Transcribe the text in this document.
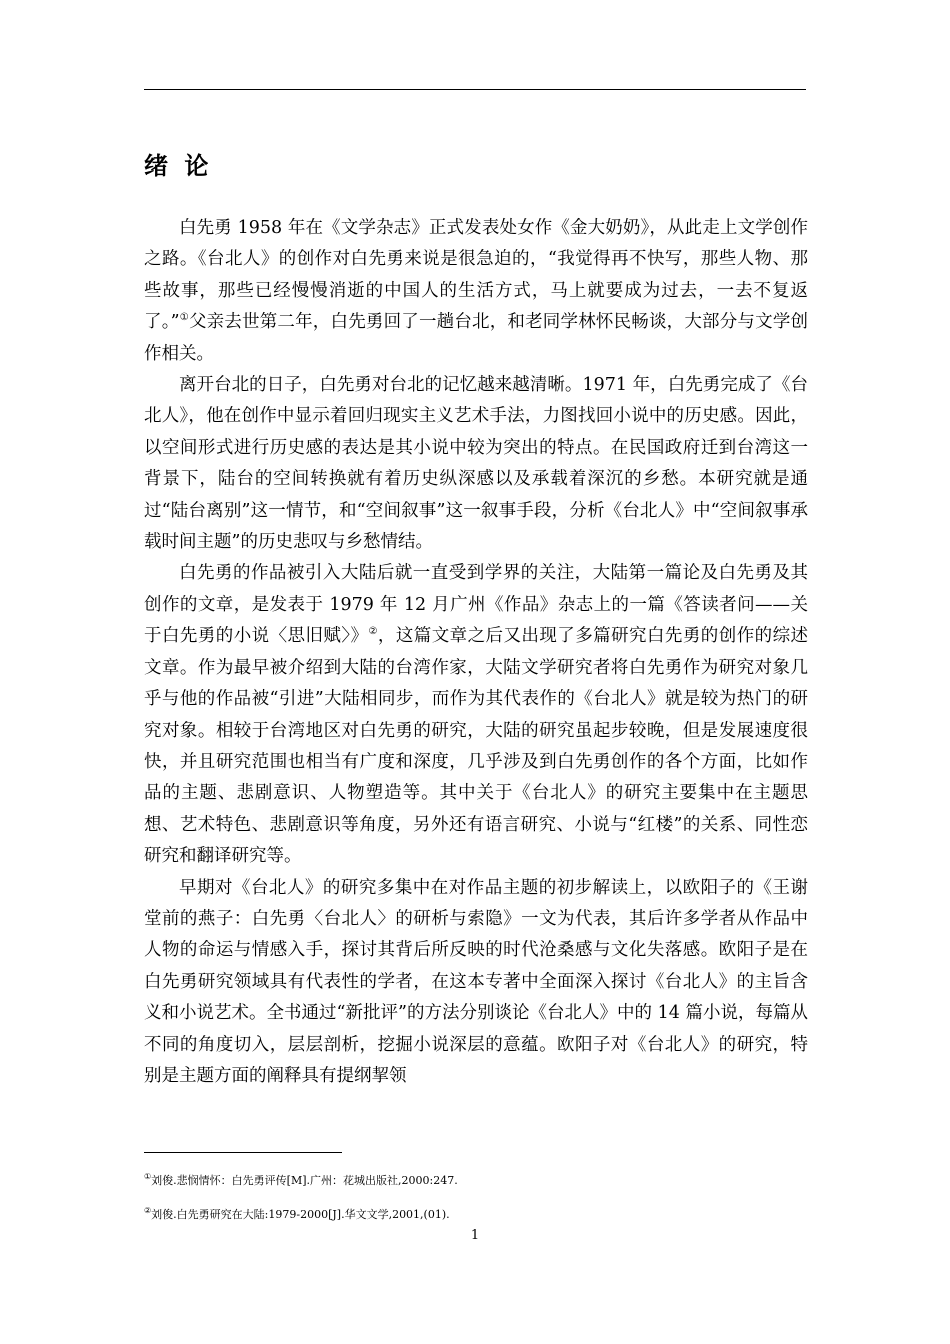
绪 论

白先勇 1958 年在《文学杂志》正式发表处女作《金大奶奶》，从此走上文学创作之路。《台北人》的创作对白先勇来说是很急迫的，“我觉得再不快写，那些人物、那些故事，那些已经慢慢消逝的中国人的生活方式，马上就要成为过去，一去不复返了。”①父亲去世第二年，白先勇回了一趟台北，和老同学林怀民畅谈，大部分与文学创作相关。

离开台北的日子，白先勇对台北的记忆越来越清晰。1971 年，白先勇完成了《台北人》，他在创作中显示着回归现实主义艺术手法，力图找回小说中的历史感。因此，以空间形式进行历史感的表达是其小说中较为突出的特点。在民国政府迁到台湾这一背景下，陆台的空间转换就有着历史纵深感以及承载着深沉的乡愁。本研究就是通过“陆台离别”这一情节，和“空间叙事”这一叙事手段，分析《台北人》中“空间叙事承载时间主题”的历史悲叹与乡愁情结。

白先勇的作品被引入大陆后就一直受到学界的关注，大陆第一篇论及白先勇及其创作的文章，是发表于 1979 年 12 月广州《作品》杂志上的一篇《答读者问——关于白先勇的小说〈思旧赋〉》②，这篇文章之后又出现了多篇研究白先勇的创作的综述文章。作为最早被介绍到大陆的台湾作家，大陆文学研究者将白先勇作为研究对象几乎与他的作品被“引进”大陆相同步，而作为其代表作的《台北人》就是较为热门的研究对象。相较于台湾地区对白先勇的研究，大陆的研究虽起步较晚，但是发展速度很快，并且研究范围也相当有广度和深度，几乎涉及到白先勇创作的各个方面，比如作品的主题、悲剧意识、人物塑造等。其中关于《台北人》的研究主要集中在主题思想、艺术特色、悲剧意识等角度，另外还有语言研究、小说与“红楼”的关系、同性恋研究和翻译研究等。

早期对《台北人》的研究多集中在对作品主题的初步解读上，以欧阳子的《王谢堂前的燕子：白先勇〈台北人〉的研析与索隐》一文为代表，其后许多学者从作品中人物的命运与情感入手，探讨其背后所反映的时代沧桑感与文化失落感。欧阳子是在白先勇研究领域具有代表性的学者，在这本专著中全面深入探讨《台北人》的主旨含义和小说艺术。全书通过“新批评”的方法分别谈论《台北人》中的 14 篇小说，每篇从不同的角度切入，层层剖析，挖掘小说深层的意蕴。欧阳子对《台北人》的研究，特别是主题方面的阐释具有提纲挈领

①刘俊.悲悯情怀：白先勇评传[M].广州：花城出版社,2000:247.

②刘俊.白先勇研究在大陆:1979-2000[J].华文文学,2001,(01).

1
